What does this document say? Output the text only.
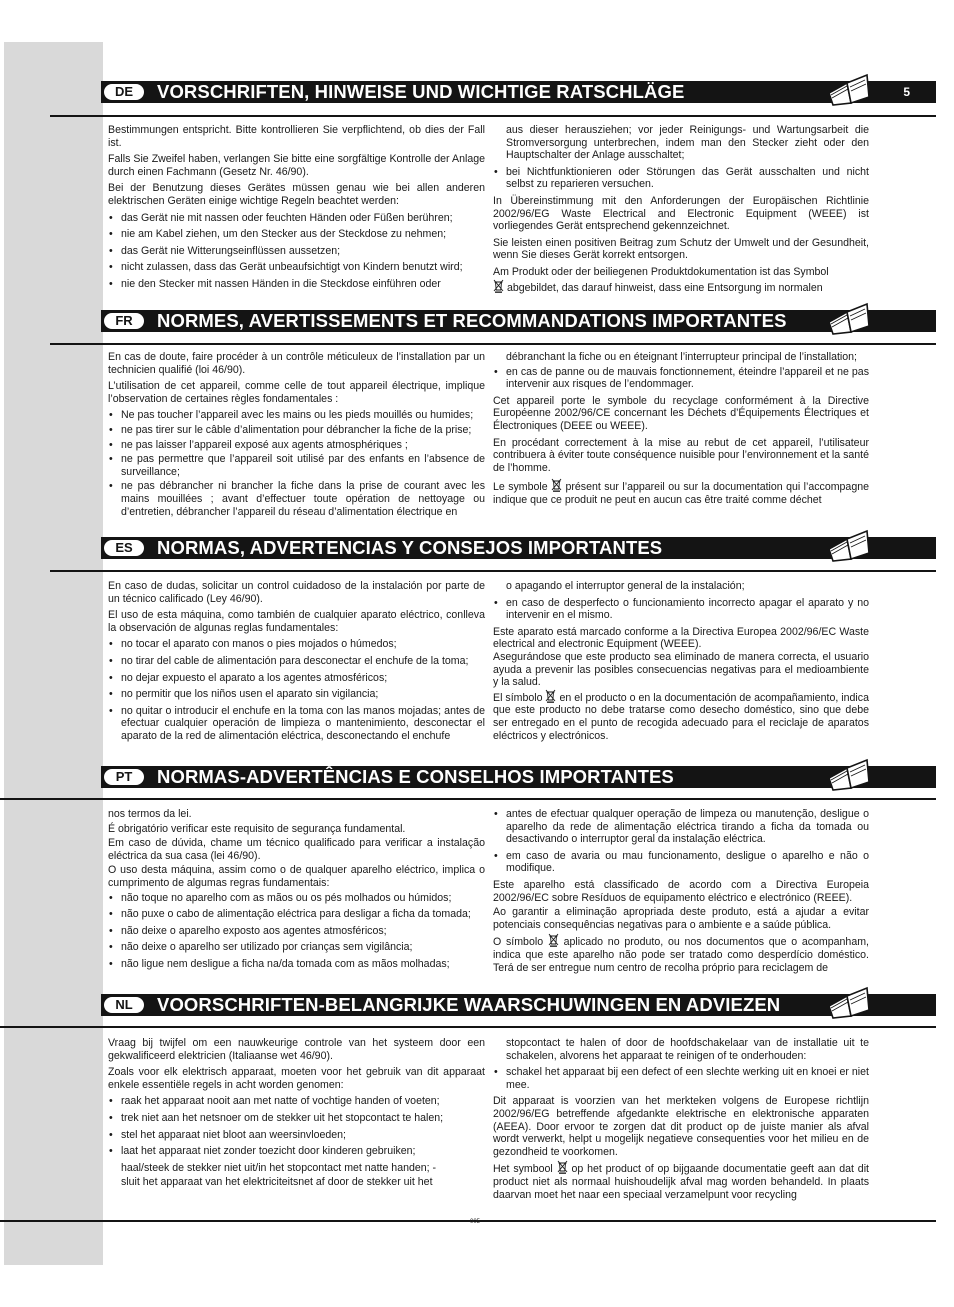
DE	VORSCHRIFTEN, HINWEISE UND WICHTIGE RATSCHLÄGE	5

Bestimmungen entspricht. Bitte kontrollieren Sie verpflichtend, ob dies der Fall ist.

Falls Sie Zweifel haben, verlangen Sie bitte eine sorgfältige Kontrolle der Anlage durch einen Fachmann (Gesetz Nr. 46/90).

Bei der Benutzung dieses Gerätes müssen genau wie bei allen anderen elektrischen Geräten einige wichtige Regeln beachtet werden:

• das Gerät nie mit nassen oder feuchten Händen oder Füßen berühren;
• nie am Kabel ziehen, um den Stecker aus der Steckdose zu nehmen;
• das Gerät nie Witterungseinflüssen aussetzen;
• nicht zulassen, dass das Gerät unbeaufsichtigt von Kindern benutzt wird;
• nie den Stecker mit nassen Händen in die Steckdose einführen oder
aus dieser herausziehen; vor jeder Reinigungs- und Wartungsarbeit die Stromversorgung unterbrechen, indem man den Stecker zieht oder den Hauptschalter der Anlage ausschaltet;
• bei Nichtfunktionieren oder Störungen das Gerät ausschalten und nicht selbst zu reparieren versuchen.

In Übereinstimmung mit den Anforderungen der Europäischen Richtlinie 2002/96/EG Waste Electrical and Electronic Equipment (WEEE) ist vorliegendes Gerät entsprechend gekennzeichnet.

Sie leisten einen positiven Beitrag zum Schutz der Umwelt und der Gesundheit, wenn Sie dieses Gerät korrekt entsorgen.

Am Produkt oder der beiliegenen Produktdokumentation ist das Symbol
abgebildet, das darauf hinweist, dass eine Entsorgung im normalen

FR	NORMES, AVERTISSEMENTS ET RECOMMANDATIONS IMPORTANTES

En cas de doute, faire procéder à un contrôle méticuleux de l’installation par un technicien qualifié (loi 46/90).

L’utilisation de cet appareil, comme celle de tout appareil électrique, implique l’observation de certaines règles fondamentales :

• Ne pas toucher l’appareil avec les mains ou les pieds mouillés ou humides;
• ne pas tirer sur le câble d’alimentation pour débrancher la fiche de la prise;
• ne pas laisser l’appareil exposé aux agents atmosphériques ;
• ne pas permettre que l’appareil soit utilisé par des enfants en l’absence de surveillance;
• ne pas débrancher ni brancher la fiche dans la prise de courant avec les mains mouillées ; avant d’effectuer toute opération de nettoyage ou d’entretien, débrancher l’appareil du réseau d’alimentation électrique en
débranchant la fiche ou en éteignant l’interrupteur principal de l’installation;
• en cas de panne ou de mauvais fonctionnement, éteindre l’appareil et ne pas intervenir aux risques de l’endommager.

Cet appareil porte le symbole du recyclage conformément à la Directive Européenne 2002/96/CE concernant les Déchets d’Équipements Électriques et Électroniques (DEEE ou WEEE).

En procédant correctement à la mise au rebut de cet appareil, l’utilisateur contribuera à éviter toute conséquence nuisible pour l’environnement et la santé de l’homme.

Le symbole présent sur l’appareil ou sur la documentation qui l’accompagne indique que ce produit ne peut en aucun cas être traité comme déchet

ES	NORMAS, ADVERTENCIAS Y CONSEJOS IMPORTANTES

En caso de dudas, solicitar un control cuidadoso de la instalación por parte de un técnico calificado (Ley 46/90).

El uso de esta máquina, como también de cualquier aparato eléctrico, conlleva la observación de algunas reglas fundamentales:

• no tocar el aparato con manos o pies mojados o húmedos;
• no tirar del cable de alimentación para desconectar el enchufe de la toma;
• no dejar expuesto el aparato a los agentes atmosféricos;
• no permitir que los niños usen el aparato sin vigilancia;
• no quitar o introducir el enchufe en la toma con las manos mojadas; antes de efectuar cualquier operación de limpieza o mantenimiento, desconectar el aparato de la red de alimentación eléctrica, desconectando el enchufe
o apagando el interruptor general de la instalación;
• en caso de desperfecto o funcionamiento incorrecto apagar el aparato y no intervenir en el mismo.

Este aparato está marcado conforme a la Directiva Europea 2002/96/EC Waste electrical and electronic Equipment (WEEE).

Asegurándose que este producto sea eliminado de manera correcta, el usuario ayuda a prevenir las posibles consecuencias negativas para el medioambiente y la salud.

El símbolo en el producto o en la documentación de acompañamiento, indica que este producto no debe tratarse como desecho doméstico, sino que debe ser entregado en el punto de recogida adecuado para el reciclaje de aparatos eléctricos y electrónicos.

PT	NORMAS-ADVERTÊNCIAS E CONSELHOS IMPORTANTES

nos termos da lei.

É obrigatório verificar este requisito de segurança fundamental.

Em caso de dúvida, chame um técnico qualificado para verificar a instalação eléctrica da sua casa (lei 46/90).

O uso desta máquina, assim como o de qualquer aparelho eléctrico, implica o cumprimento de algumas regras fundamentais:

• não toque no aparelho com as mãos ou os pés molhados ou húmidos;
• não puxe o cabo de alimentação eléctrica para desligar a ficha da tomada;
• não deixe o aparelho exposto aos agentes atmosféricos;
• não deixe o aparelho ser utilizado por crianças sem vigilância;
• não ligue nem desligue a ficha na/da tomada com as mãos molhadas;
• antes de efectuar qualquer operação de limpeza ou manutenção, desligue o aparelho da rede de alimentação eléctrica tirando a ficha da tomada ou desactivando o interruptor geral da instalação eléctrica.
• em caso de avaria ou mau funcionamento, desligue o aparelho e não o modifique.

Este aparelho está classificado de acordo com a Directiva Europeia 2002/96/EC sobre Resíduos de equipamento eléctrico e electrónico (REEE).

Ao garantir a eliminação apropriada deste produto, está a ajudar a evitar potenciais consequências negativas para o ambiente e a saúde pública.

O símbolo aplicado no produto, ou nos documentos que o acompanham, indica que este aparelho não pode ser tratado como desperdício doméstico. Terá de ser entregue num centro de recolha próprio para reciclagem de

NL	VOORSCHRIFTEN-BELANGRIJKE WAARSCHUWINGEN EN ADVIEZEN

Vraag bij twijfel om een nauwkeurige controle van het systeem door een gekwalificeerd elektricien (Italiaanse wet 46/90).

Zoals voor elk elektrisch apparaat, moeten voor het gebruik van dit apparaat enkele essentiële regels in acht worden genomen:

• raak het apparaat nooit aan met natte of vochtige handen of voeten;
• trek niet aan het netsnoer om de stekker uit het stopcontact te halen;
• stel het apparaat niet bloot aan weersinvloeden;
• laat het apparaat niet zonder toezicht door kinderen gebruiken;
haal/steek de stekker niet uit/in het stopcontact met natte handen; -
sluit het apparaat van het elektriciteitsnet af door de stekker uit het
stopcontact te halen of door de hoofdschakelaar van de installatie uit te schakelen, alvorens het apparaat te reinigen of te onderhouden:
• schakel het apparaat bij een defect of een slechte werking uit en knoei er niet mee.

Dit apparaat is voorzien van het merkteken volgens de Europese richtlijn 2002/96/EG betreffende afgedankte elektrische en elektronische apparaten (AEEA). Door ervoor te zorgen dat dit product op de juiste manier als afval wordt verwerkt, helpt u mogelijk negatieve consequenties voor het milieu en de gezondheid te voorkomen.

Het symbool op het product of op bijgaande documentatie geeft aan dat dit product niet als normaal huishoudelijk afval mag worden behandeld. In plaats daarvan moet het naar een speciaal verzamelpunt voor recycling

005
